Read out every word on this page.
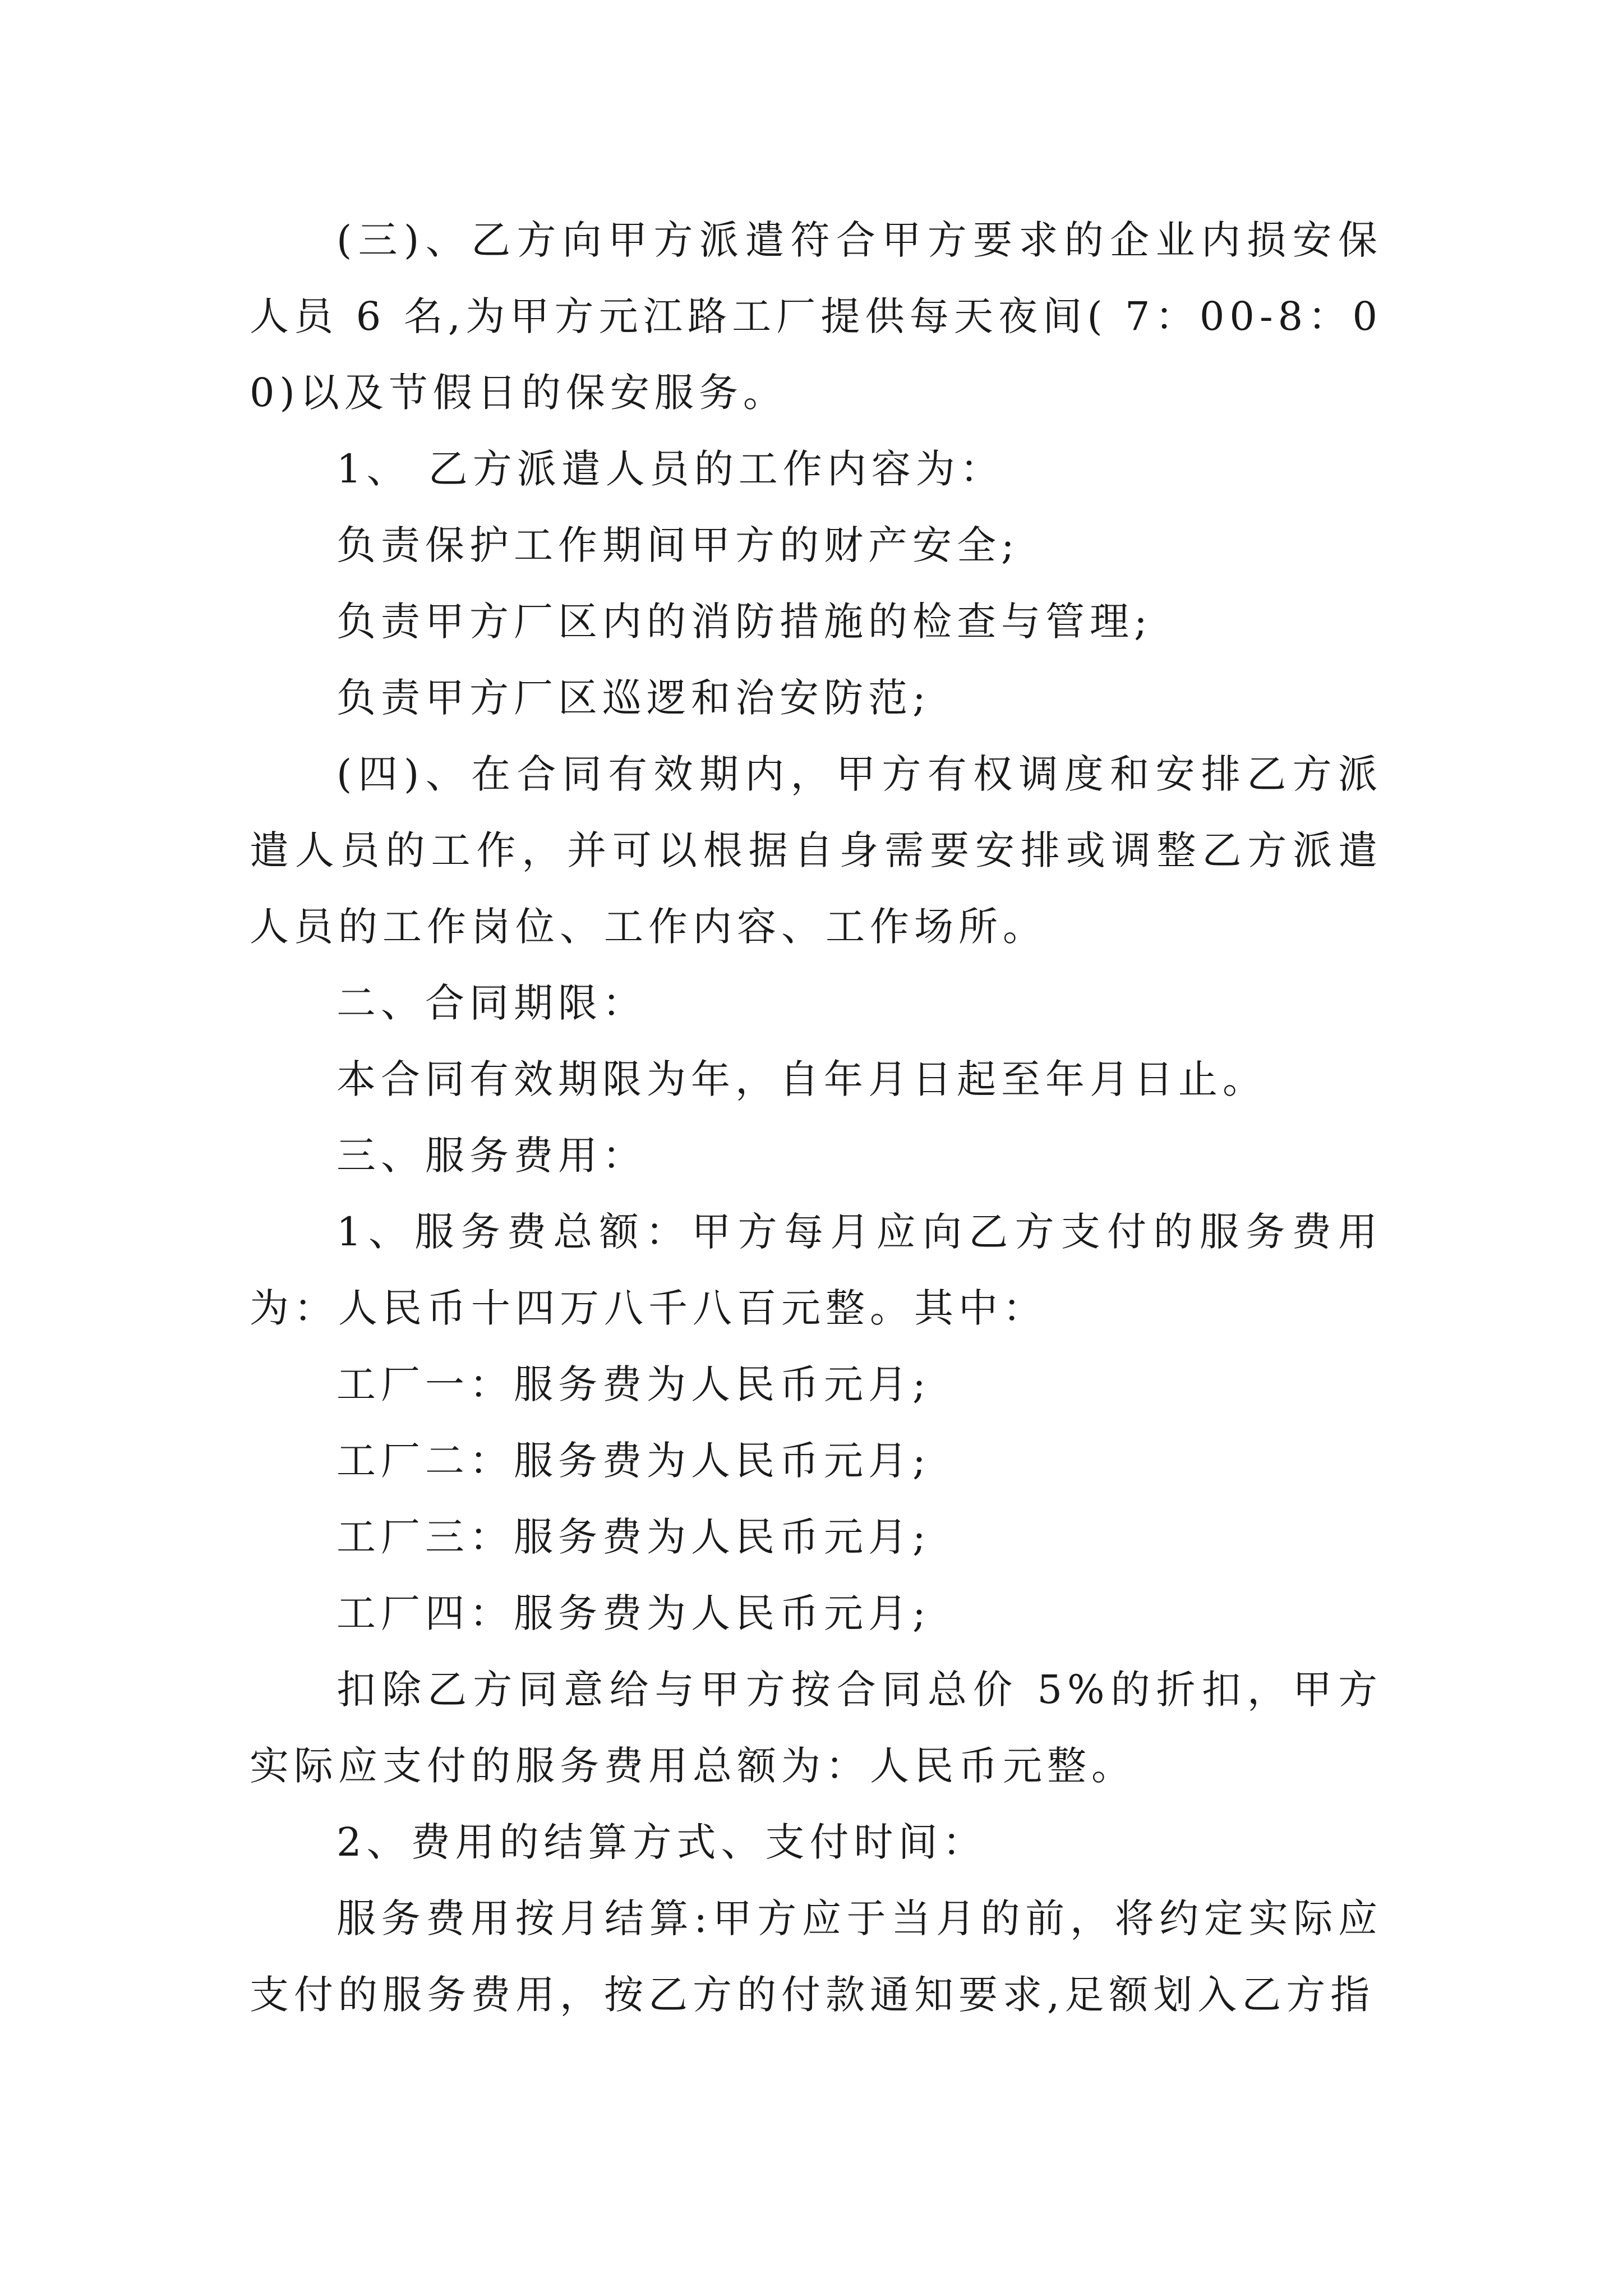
(三)、乙方向甲方派遣符合甲方要求的企业内损安保人员 6 名,为甲方元江路工厂提供每天夜间( 7：00-8：00)以及节假日的保安服务。

1、 乙方派遣人员的工作内容为：

负责保护工作期间甲方的财产安全;

负责甲方厂区内的消防措施的检查与管理;

负责甲方厂区巡逻和治安防范;

(四)、在合同有效期内，甲方有权调度和安排乙方派遣人员的工作，并可以根据自身需要安排或调整乙方派遣人员的工作岗位、工作内容、工作场所。

二、合同期限：

本合同有效期限为年，自年月日起至年月日止。

三、服务费用：

1、服务费总额：甲方每月应向乙方支付的服务费用为：人民币十四万八千八百元整。其中：

工厂一：服务费为人民币元月;

工厂二：服务费为人民币元月;

工厂三：服务费为人民币元月;

工厂四：服务费为人民币元月;

扣除乙方同意给与甲方按合同总价 5%的折扣，甲方实际应支付的服务费用总额为：人民币元整。

2、费用的结算方式、支付时间：

服务费用按月结算:甲方应于当月的前，将约定实际应支付的服务费用，按乙方的付款通知要求,足额划入乙方指
